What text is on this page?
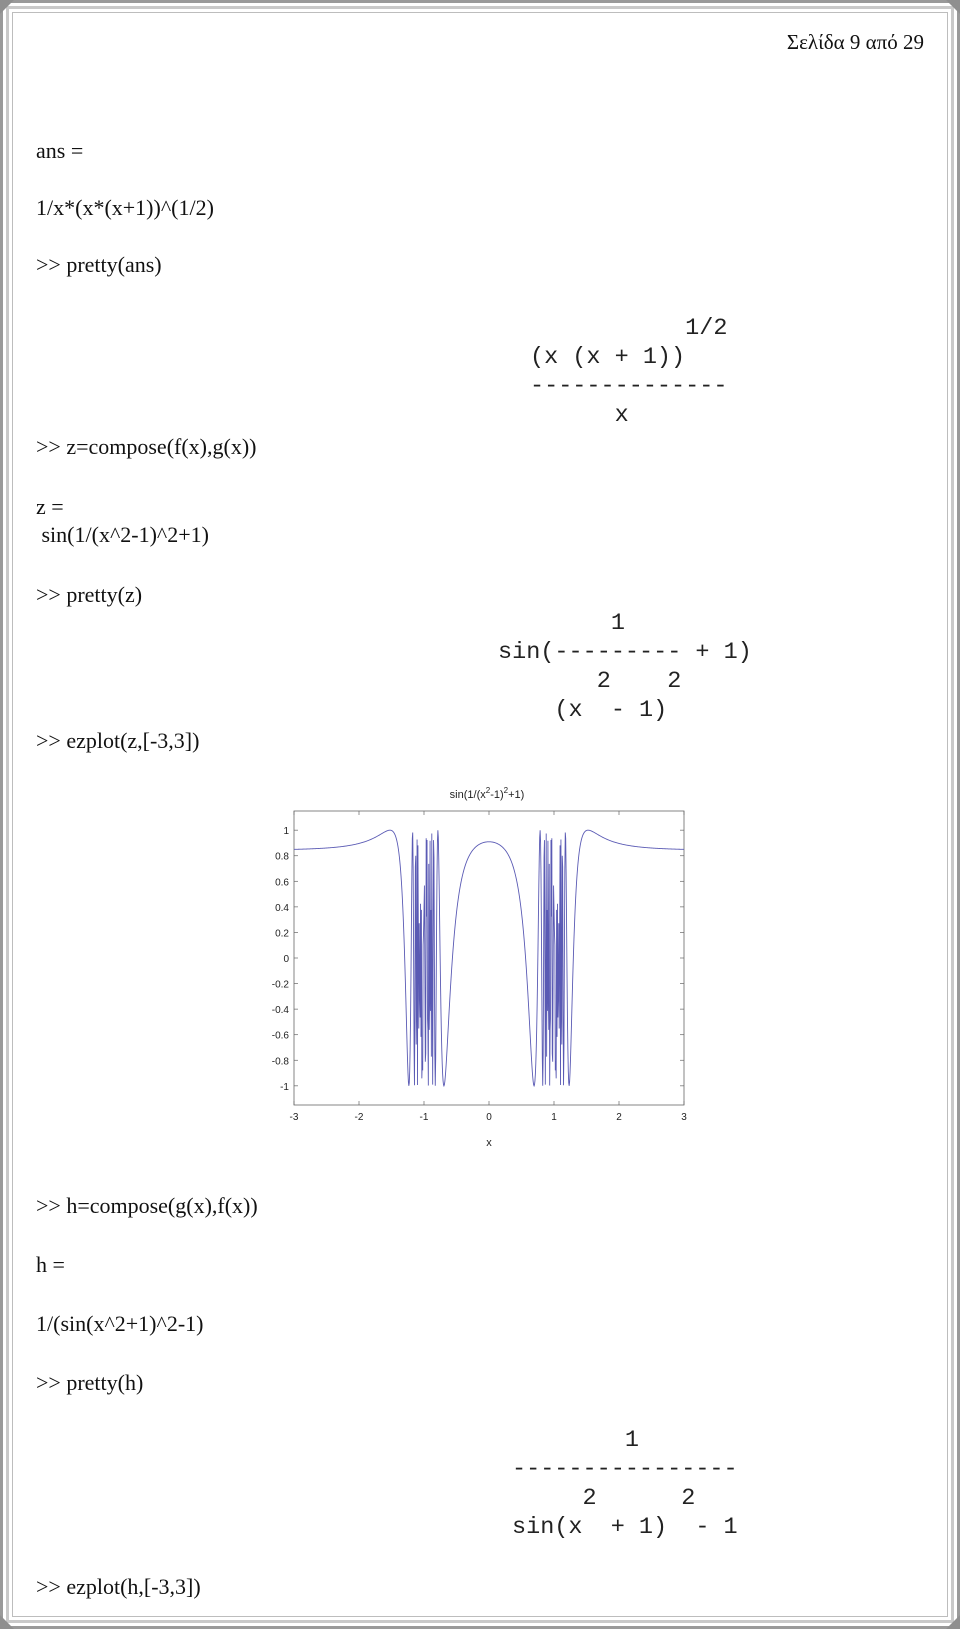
Σελίδα 9 από 29
ans =
1/x*(x*(x+1))^(1/2)
>> pretty(ans)
1/2
(x (x + 1))
--------------
x
>> z=compose(f(x),g(x))
z =
sin(1/(x^2-1)^2+1)
>> pretty(z)
1
sin(--------- + 1)
2    2
(x  - 1)
>> ezplot(z,[-3,3])
$\sin(1/(x^2-1)^2+1)$
1
0.8
0.6
0.4
0.2
0
-0.2
-0.4
-0.6
-0.8
-1
-3	-2	-1	0	1	2	3
x
>> h=compose(g(x),f(x))
h =
1/(sin(x^2+1)^2-1)
>> pretty(h)
1
----------------
2      2
sin(x  + 1)  - 1
>> ezplot(h,[-3,3])
